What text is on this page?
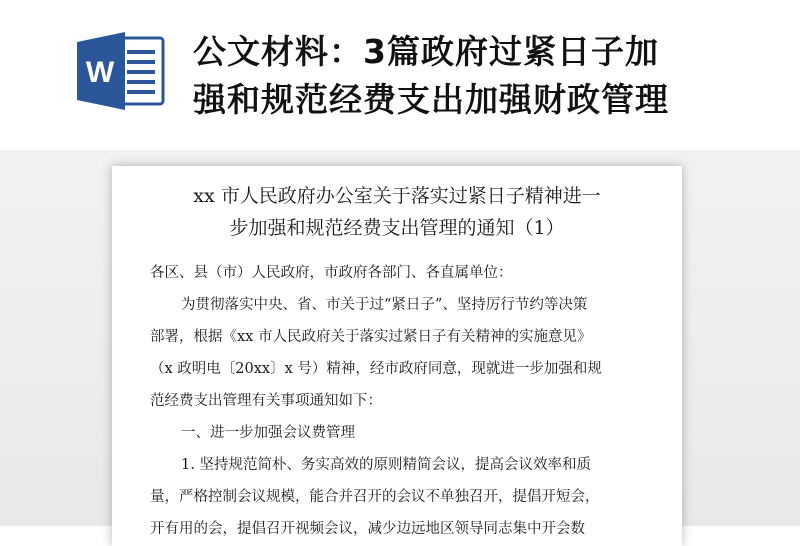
W
公文材料：3篇政府过紧日子加
强和规范经费支出加强财政管理
xx 市人民政府办公室关于落实过紧日子精神进一
步加强和规范经费支出管理的通知（1）

各区、县（市）人民政府，市政府各部门、各直属单位：

为贯彻落实中央、省、市关于过“紧日子”、坚持厉行节约等决策

部署，根据《xx 市人民政府关于落实过紧日子有关精神的实施意见》

（x 政明电〔20xx〕x 号）精神，经市政府同意，现就进一步加强和规

范经费支出管理有关事项通知如下：

一、进一步加强会议费管理

1. 坚持规范简朴、务实高效的原则精简会议，提高会议效率和质

量，严格控制会议规模，能合并召开的会议不单独召开，提倡开短会，

开有用的会，提倡召开视频会议，减少边远地区领导同志集中开会数
